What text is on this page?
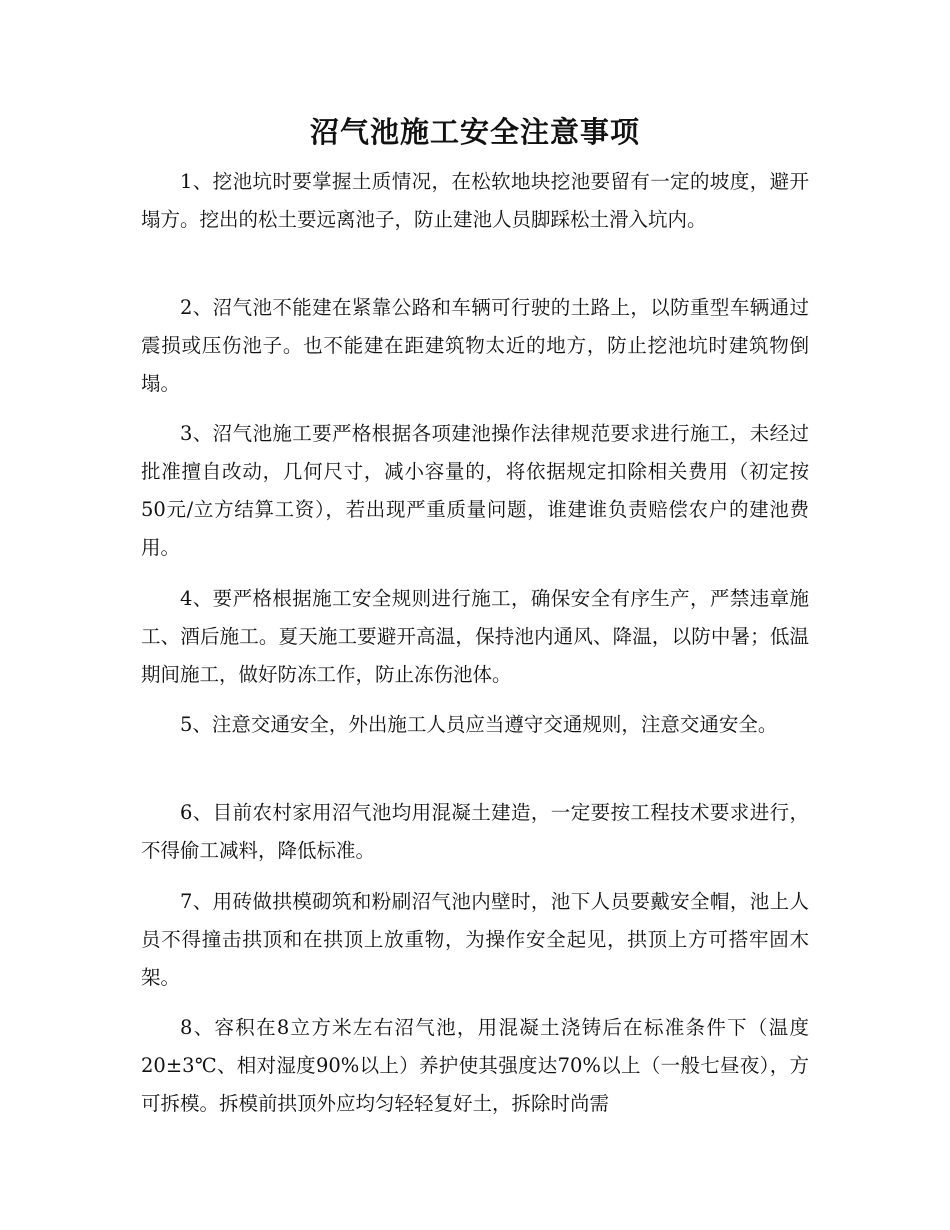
沼气池施工安全注意事项

1、挖池坑时要掌握土质情况，在松软地块挖池要留有一定的坡度，避开塌方。挖出的松土要远离池子，防止建池人员脚踩松土滑入坑内。

2、沼气池不能建在紧靠公路和车辆可行驶的土路上，以防重型车辆通过震损或压伤池子。也不能建在距建筑物太近的地方，防止挖池坑时建筑物倒塌。

3、沼气池施工要严格根据各项建池操作法律规范要求进行施工，未经过批准擅自改动，几何尺寸，减小容量的，将依据规定扣除相关费用（初定按50元/立方结算工资），若出现严重质量问题，谁建谁负责赔偿农户的建池费用。

4、要严格根据施工安全规则进行施工，确保安全有序生产，严禁违章施工、酒后施工。夏天施工要避开高温，保持池内通风、降温，以防中暑；低温期间施工，做好防冻工作，防止冻伤池体。

5、注意交通安全，外出施工人员应当遵守交通规则，注意交通安全。

6、目前农村家用沼气池均用混凝土建造，一定要按工程技术要求进行，不得偷工减料，降低标准。

7、用砖做拱模砌筑和粉刷沼气池内壁时，池下人员要戴安全帽，池上人员不得撞击拱顶和在拱顶上放重物，为操作安全起见，拱顶上方可搭牢固木架。

8、容积在8立方米左右沼气池，用混凝土浇铸后在标准条件下（温度20±3℃、相对湿度90%以上）养护使其强度达70%以上（一般七昼夜），方可拆模。拆模前拱顶外应均匀轻轻复好土，拆除时尚需
